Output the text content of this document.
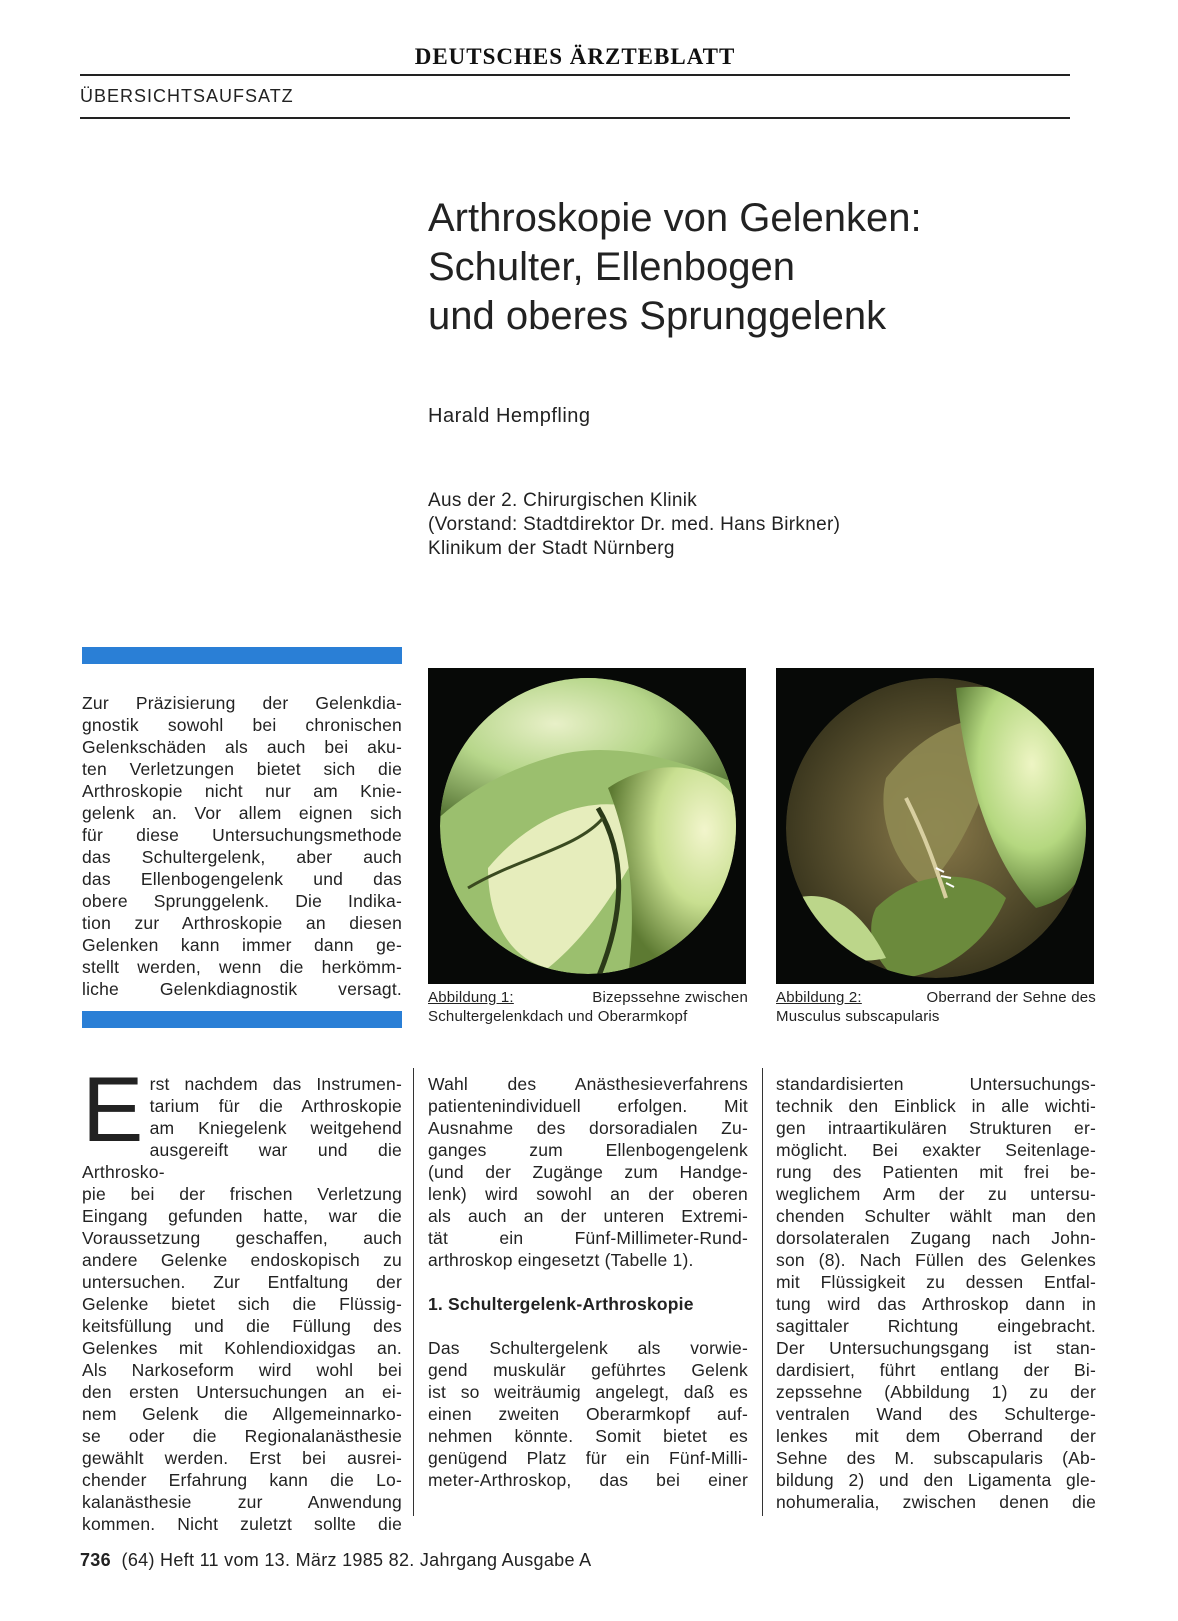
DEUTSCHES ÄRZTEBLATT
ÜBERSICHTSAUFSATZ
Arthroskopie von Gelenken:
Schulter, Ellenbogen
und oberes Sprunggelenk
Harald Hempfling
Aus der 2. Chirurgischen Klinik
(Vorstand: Stadtdirektor Dr. med. Hans Birkner)
Klinikum der Stadt Nürnberg
Zur Präzisierung der Gelenkdia-
gnostik sowohl bei chronischen
Gelenkschäden als auch bei aku-
ten Verletzungen bietet sich die
Arthroskopie nicht nur am Knie-
gelenk an. Vor allem eignen sich
für diese Untersuchungsmethode
das Schultergelenk, aber auch
das Ellenbogengelenk und das
obere Sprunggelenk. Die Indika-
tion zur Arthroskopie an diesen
Gelenken kann immer dann ge-
stellt werden, wenn die herkömm-
liche Gelenkdiagnostik versagt. Abbildung 1:	Bizepssehne zwischen
Schultergelenkdach und Oberarmkopf
Abbildung 2:	Oberrand der Sehne des
Musculus subscapularis
E rst nachdem das Instrumen-
tarium für die Arthroskopie
am Kniegelenk weitgehend
ausgereift war und die Arthrosko-
pie bei der frischen Verletzung
Eingang gefunden hatte, war die
Voraussetzung geschaffen, auch
andere Gelenke endoskopisch zu
untersuchen. Zur Entfaltung der
Gelenke bietet sich die Flüssig-
keitsfüllung und die Füllung des
Gelenkes mit Kohlendioxidgas an.
Als Narkoseform wird wohl bei
den ersten Untersuchungen an ei-
nem Gelenk die Allgemeinnarko-
se oder die Regionalanästhesie
gewählt werden. Erst bei ausrei-
chender Erfahrung kann die Lo-
kalanästhesie zur Anwendung
kommen. Nicht zuletzt sollte die
Wahl des Anästhesieverfahrens
patientenindividuell erfolgen. Mit
Ausnahme des dorsoradialen Zu-
ganges zum Ellenbogengelenk
(und der Zugänge zum Handge-
lenk) wird sowohl an der oberen
als auch an der unteren Extremi-
tät ein Fünf-Millimeter-Rund-
arthroskop eingesetzt (Tabelle 1).
1. Schultergelenk-Arthroskopie
Das Schultergelenk als vorwie-
gend muskulär geführtes Gelenk
ist so weiträumig angelegt, daß es
einen zweiten Oberarmkopf auf-
nehmen könnte. Somit bietet es
genügend Platz für ein Fünf-Milli-
meter-Arthroskop, das bei einer
standardisierten Untersuchungs-
technik den Einblick in alle wichti-
gen intraartikulären Strukturen er-
möglicht. Bei exakter Seitenlage-
rung des Patienten mit frei be-
weglichem Arm der zu untersu-
chenden Schulter wählt man den
dorsolateralen Zugang nach John-
son (8). Nach Füllen des Gelenkes
mit Flüssigkeit zu dessen Entfal-
tung wird das Arthroskop dann in
sagittaler Richtung eingebracht.
Der Untersuchungsgang ist stan-
dardisiert, führt entlang der Bi-
zepssehne (Abbildung 1) zu der
ventralen Wand des Schulterge-
lenkes mit dem Oberrand der
Sehne des M. subscapularis (Ab-
bildung 2) und den Ligamenta gle-
nohumeralia, zwischen denen die
736 (64) Heft 11 vom 13. März 1985 82. Jahrgang Ausgabe A
